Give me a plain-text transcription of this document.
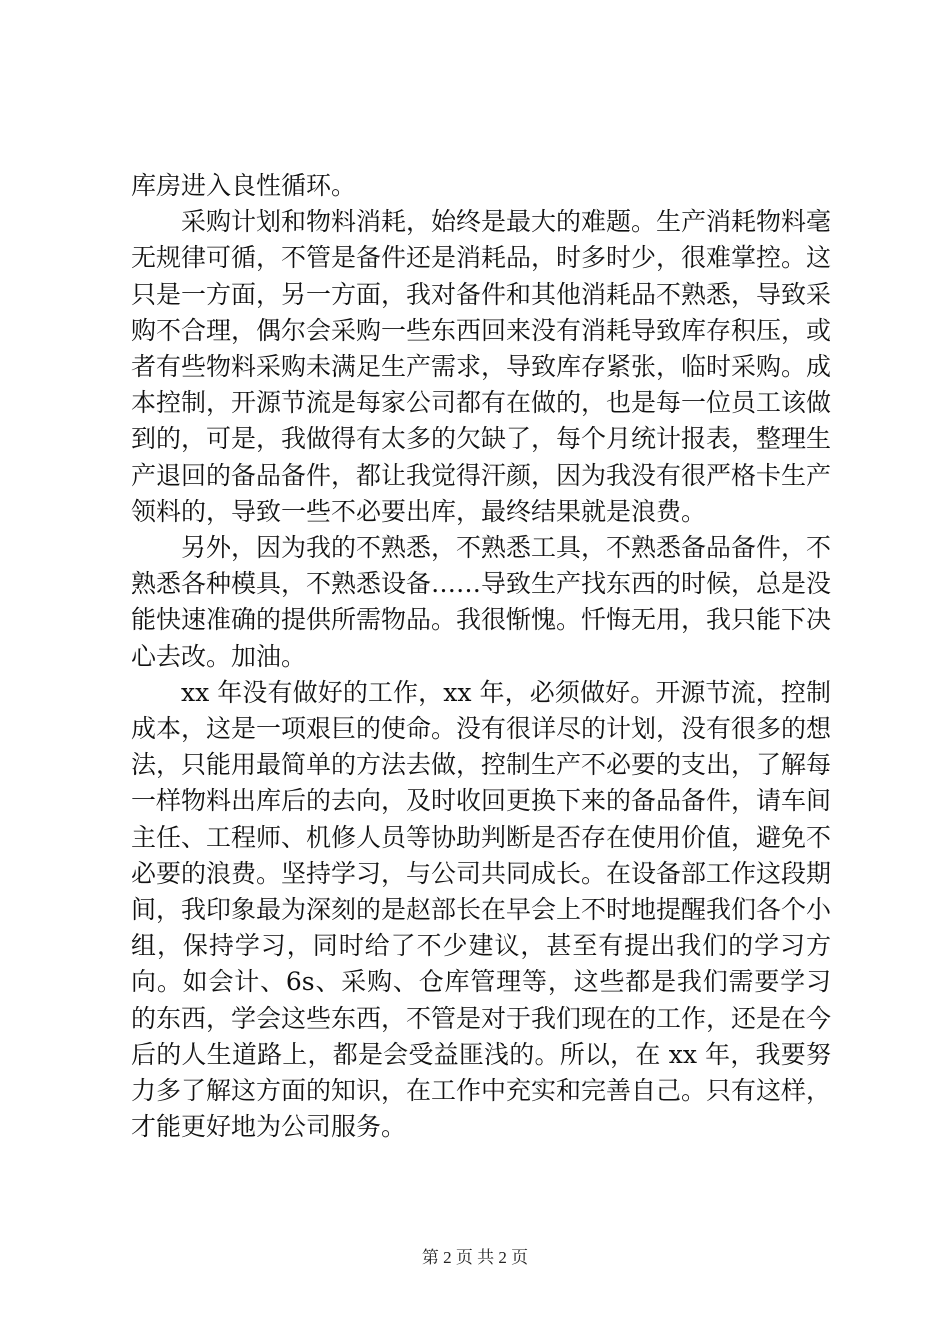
库房进入良性循环。

采购计划和物料消耗，始终是最大的难题。生产消耗物料毫无规律可循，不管是备件还是消耗品，时多时少，很难掌控。这只是一方面，另一方面，我对备件和其他消耗品不熟悉，导致采购不合理，偶尔会采购一些东西回来没有消耗导致库存积压，或者有些物料采购未满足生产需求，导致库存紧张，临时采购。成本控制，开源节流是每家公司都有在做的，也是每一位员工该做到的，可是，我做得有太多的欠缺了，每个月统计报表，整理生产退回的备品备件，都让我觉得汗颜，因为我没有很严格卡生产领料的，导致一些不必要出库，最终结果就是浪费。

另外，因为我的不熟悉，不熟悉工具，不熟悉备品备件，不熟悉各种模具，不熟悉设备……导致生产找东西的时候，总是没能快速准确的提供所需物品。我很惭愧。忏悔无用，我只能下决心去改。加油。

xx 年没有做好的工作，xx 年，必须做好。开源节流，控制成本，这是一项艰巨的使命。没有很详尽的计划，没有很多的想法，只能用最简单的方法去做，控制生产不必要的支出，了解每一样物料出库后的去向，及时收回更换下来的备品备件，请车间主任、工程师、机修人员等协助判断是否存在使用价值，避免不必要的浪费。坚持学习，与公司共同成长。在设备部工作这段期间，我印象最为深刻的是赵部长在早会上不时地提醒我们各个小组，保持学习，同时给了不少建议，甚至有提出我们的学习方向。如会计、6s、采购、仓库管理等，这些都是我们需要学习的东西，学会这些东西，不管是对于我们现在的工作，还是在今后的人生道路上，都是会受益匪浅的。所以，在 xx 年，我要努力多了解这方面的知识，在工作中充实和完善自己。只有这样，才能更好地为公司服务。

第 2 页 共 2 页
